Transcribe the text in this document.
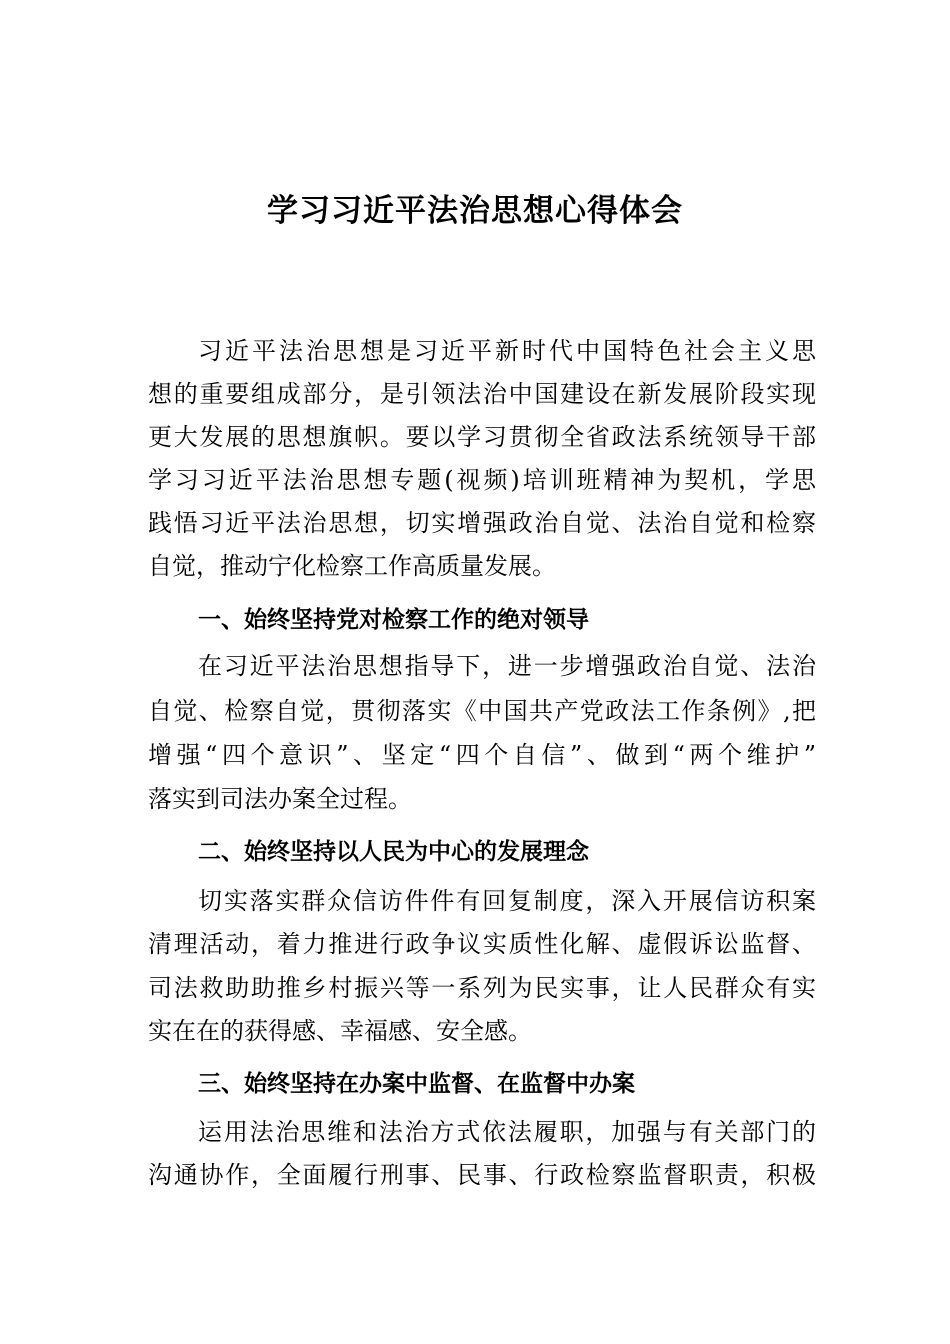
学习习近平法治思想心得体会
习近平法治思想是习近平新时代中国特色社会主义思
想的重要组成部分，是引领法治中国建设在新发展阶段实现
更大发展的思想旗帜。要以学习贯彻全省政法系统领导干部
学习习近平法治思想专题(视频)培训班精神为契机，学思
践悟习近平法治思想，切实增强政治自觉、法治自觉和检察
自觉，推动宁化检察工作高质量发展。
一、始终坚持党对检察工作的绝对领导
在习近平法治思想指导下，进一步增强政治自觉、法治
自觉、检察自觉，贯彻落实《中国共产党政法工作条例》,把
增强“四个意识”、坚定“四个自信”、做到“两个维护”
落实到司法办案全过程。
二、始终坚持以人民为中心的发展理念
切实落实群众信访件件有回复制度，深入开展信访积案
清理活动，着力推进行政争议实质性化解、虚假诉讼监督、
司法救助助推乡村振兴等一系列为民实事，让人民群众有实
实在在的获得感、幸福感、安全感。
三、始终坚持在办案中监督、在监督中办案
运用法治思维和法治方式依法履职，加强与有关部门的
沟通协作，全面履行刑事、民事、行政检察监督职责，积极
